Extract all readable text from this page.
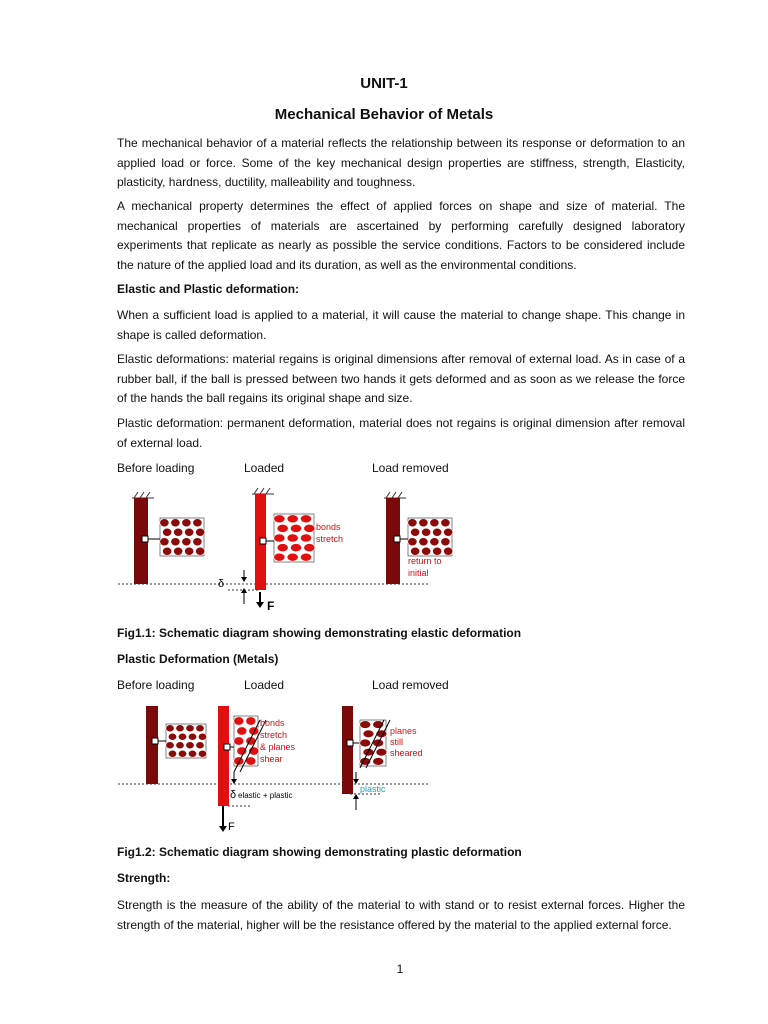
UNIT-1
Mechanical Behavior of Metals
The mechanical behavior of a material reflects the relationship between its response or deformation to an applied load or force. Some of the key mechanical design properties are stiffness, strength, Elasticity, plasticity, hardness, ductility, malleability and toughness.
A mechanical property determines the effect of applied forces on shape and size of material. The mechanical properties of materials are ascertained by performing carefully designed laboratory experiments that replicate as nearly as possible the service conditions. Factors to be considered include the nature of the applied load and its duration, as well as the environmental conditions.
Elastic and Plastic deformation:
When a sufficient load is applied to a material, it will cause the material to change shape. This change in shape is called deformation.
Elastic deformations: material regains is original dimensions after removal of external load. As in case of a rubber ball, if the ball is pressed between two hands it gets deformed and as soon as we release the force of the hands the ball regains its original shape and size.
Plastic deformation: permanent deformation, material does not regains is original dimension after removal of external load.
Before loading	Loaded	Load removed
bonds
stretch
δ
F
return to
initial
Fig1.1: Schematic diagram showing demonstrating elastic deformation
Plastic Deformation (Metals)
Before loading	Loaded	Load removed
bonds
stretch
& planes
shear
δ elastic + plastic
F
planes
still
sheared
plastic
Fig1.2: Schematic diagram showing demonstrating plastic deformation
Strength:
Strength is the measure of the ability of the material to with stand or to resist external forces. Higher the strength of the material, higher will be the resistance offered by the material to the applied external force.
1
